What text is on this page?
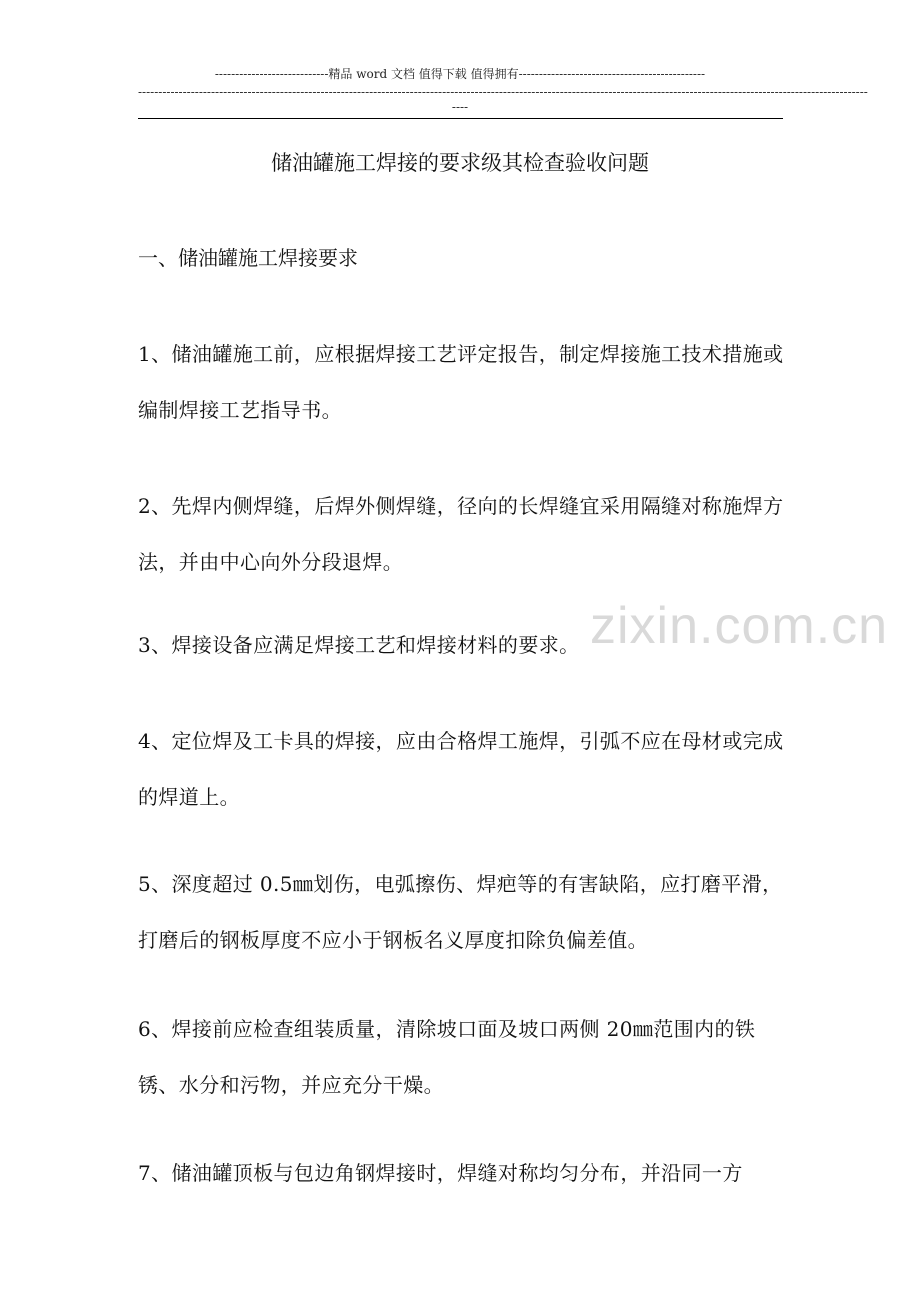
----------------------------精品 word 文档 值得下载 值得拥有----------------------------------------------
------------------------------------------------------------------------------------------------------------------------------------------------------------------------------------
----
zixin.com.cn
储油罐施工焊接的要求级其检查验收问题
一、储油罐施工焊接要求
1、储油罐施工前，应根据焊接工艺评定报告，制定焊接施工技术措施或编制焊接工艺指导书。
2、先焊内侧焊缝，后焊外侧焊缝，径向的长焊缝宜采用隔缝对称施焊方法，并由中心向外分段退焊。
3、焊接设备应满足焊接工艺和焊接材料的要求。
4、定位焊及工卡具的焊接，应由合格焊工施焊，引弧不应在母材或完成的焊道上。
5、深度超过 0.5㎜划伤，电弧擦伤、焊疤等的有害缺陷，应打磨平滑，打磨后的钢板厚度不应小于钢板名义厚度扣除负偏差值。
6、焊接前应检查组装质量，清除坡口面及坡口两侧 20㎜范围内的铁锈、水分和污物，并应充分干燥。
7、储油罐顶板与包边角钢焊接时，焊缝对称均匀分布，并沿同一方
